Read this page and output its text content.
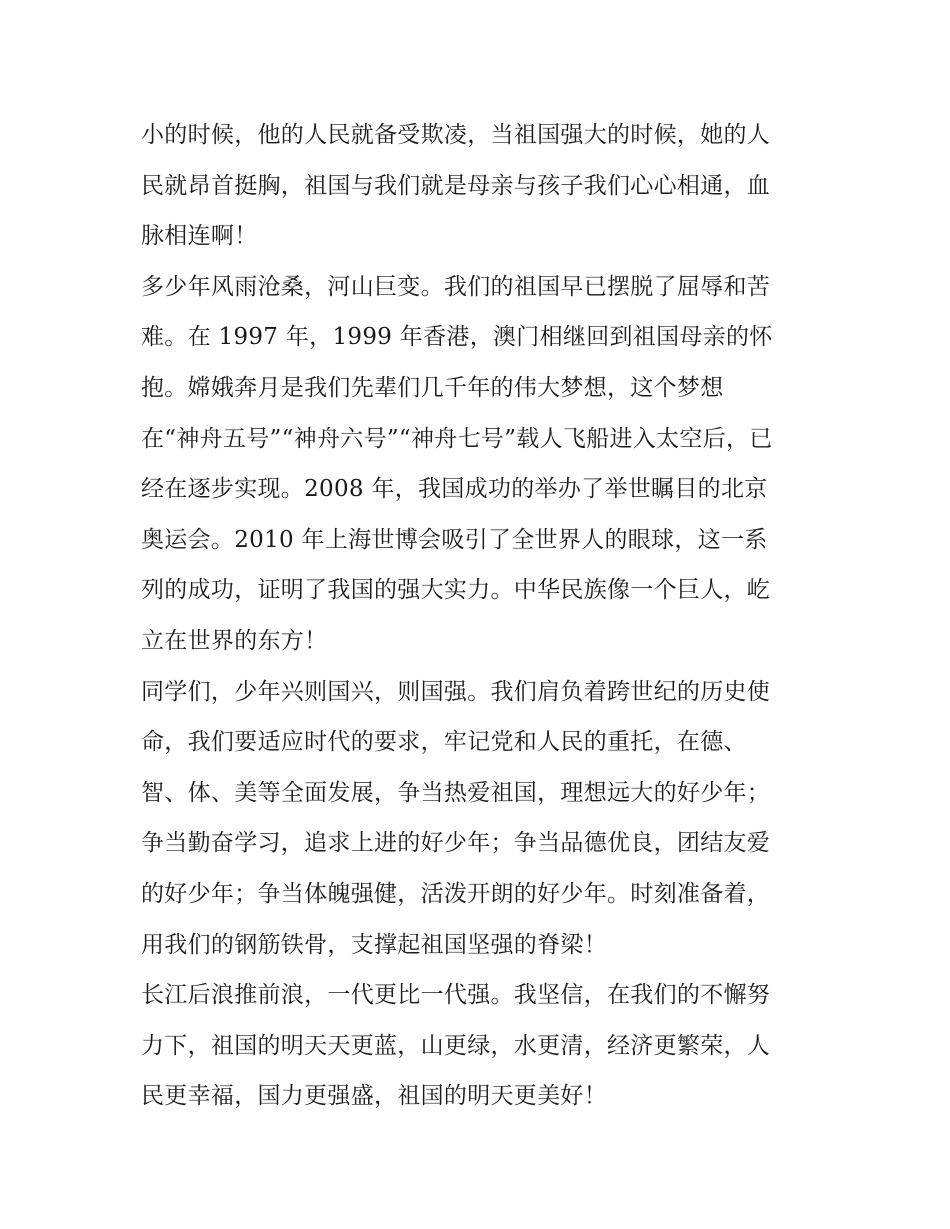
小的时候，他的人民就备受欺凌，当祖国强大的时候，她的人
民就昂首挺胸，祖国与我们就是母亲与孩子我们心心相通，血
脉相连啊！
多少年风雨沧桑，河山巨变。我们的祖国早已摆脱了屈辱和苦
难。在 1997 年，1999 年香港，澳门相继回到祖国母亲的怀
抱。嫦娥奔月是我们先辈们几千年的伟大梦想，这个梦想
在“神舟五号”“神舟六号”“神舟七号”载人飞船进入太空后，已
经在逐步实现。2008 年，我国成功的举办了举世瞩目的北京
奥运会。2010 年上海世博会吸引了全世界人的眼球，这一系
列的成功，证明了我国的强大实力。中华民族像一个巨人，屹
立在世界的东方！
同学们，少年兴则国兴，则国强。我们肩负着跨世纪的历史使
命，我们要适应时代的要求，牢记党和人民的重托，在德、
智、体、美等全面发展，争当热爱祖国，理想远大的好少年；
争当勤奋学习，追求上进的好少年；争当品德优良，团结友爱
的好少年；争当体魄强健，活泼开朗的好少年。时刻准备着，
用我们的钢筋铁骨，支撑起祖国坚强的脊梁！
长江后浪推前浪，一代更比一代强。我坚信，在我们的不懈努
力下，祖国的明天天更蓝，山更绿，水更清，经济更繁荣，人
民更幸福，国力更强盛，祖国的明天更美好！
